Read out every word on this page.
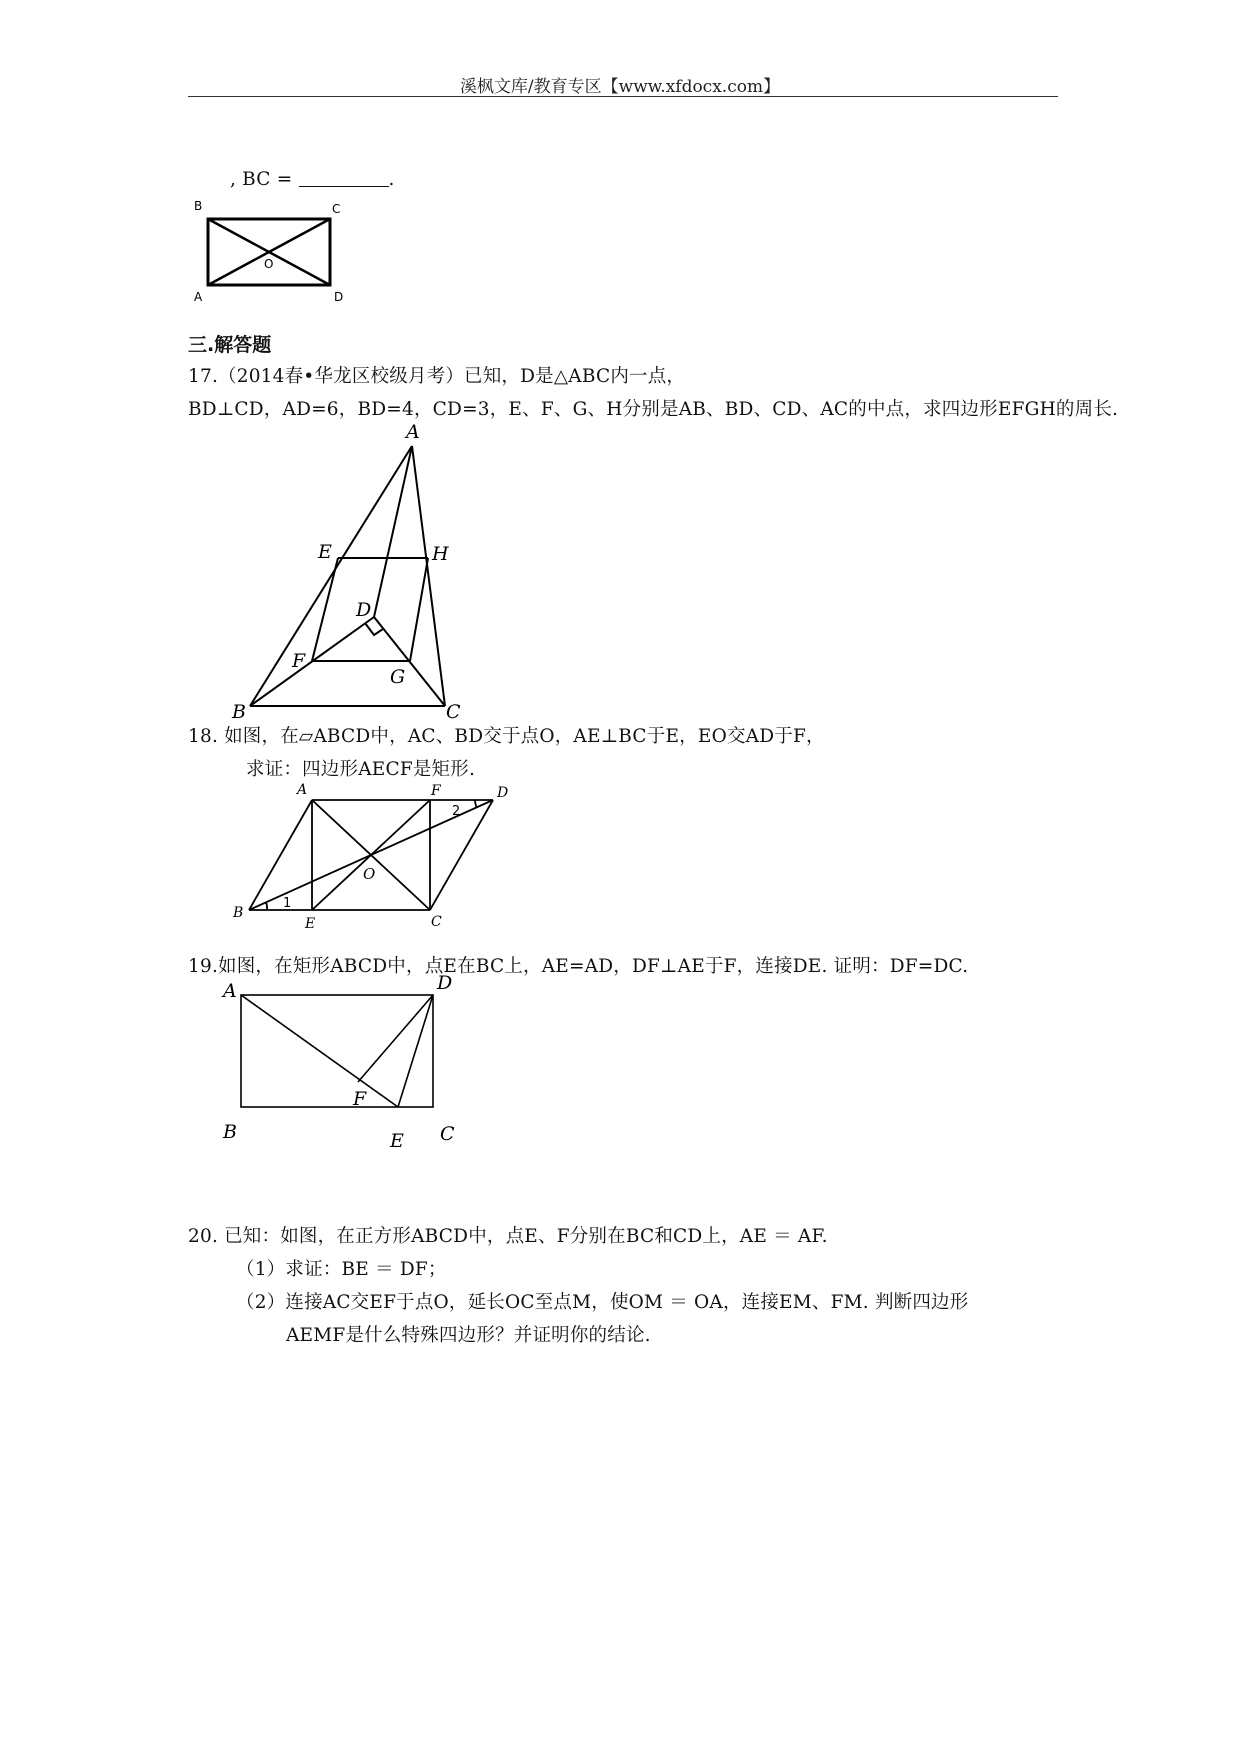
溪枫文库/教育专区【www.xfdocx.com】
, BC =	.
B	C
O
A	D
三.解答题
17.（2014春•华龙区校级月考）已知，D是△ABC内一点，
BD⊥CD，AD=6，BD=4，CD=3，E、F、G、H分别是AB、BD、CD、AC的中点，求四边形EFGH的周长.
A
E	H
D
F
G
B	C
18. 如图，在▱ABCD中，AC、BD交于点O，AE⊥BC于E，EO交AD于F，
求证：四边形AECF是矩形.
A	F	D
2
O
B
1
E	C
19.如图，在矩形ABCD中，点E在BC上，AE=AD，DF⊥AE于F，连接DE. 证明：DF=DC.
A	D
F
B	E C
20. 已知：如图，在正方形ABCD中，点E、F分别在BC和CD上，AE ＝ AF.
（1）求证：BE ＝ DF；
（2）连接AC交EF于点O，延长OC至点M，使OM ＝ OA，连接EM、FM. 判断四边形
AEMF是什么特殊四边形？并证明你的结论.
